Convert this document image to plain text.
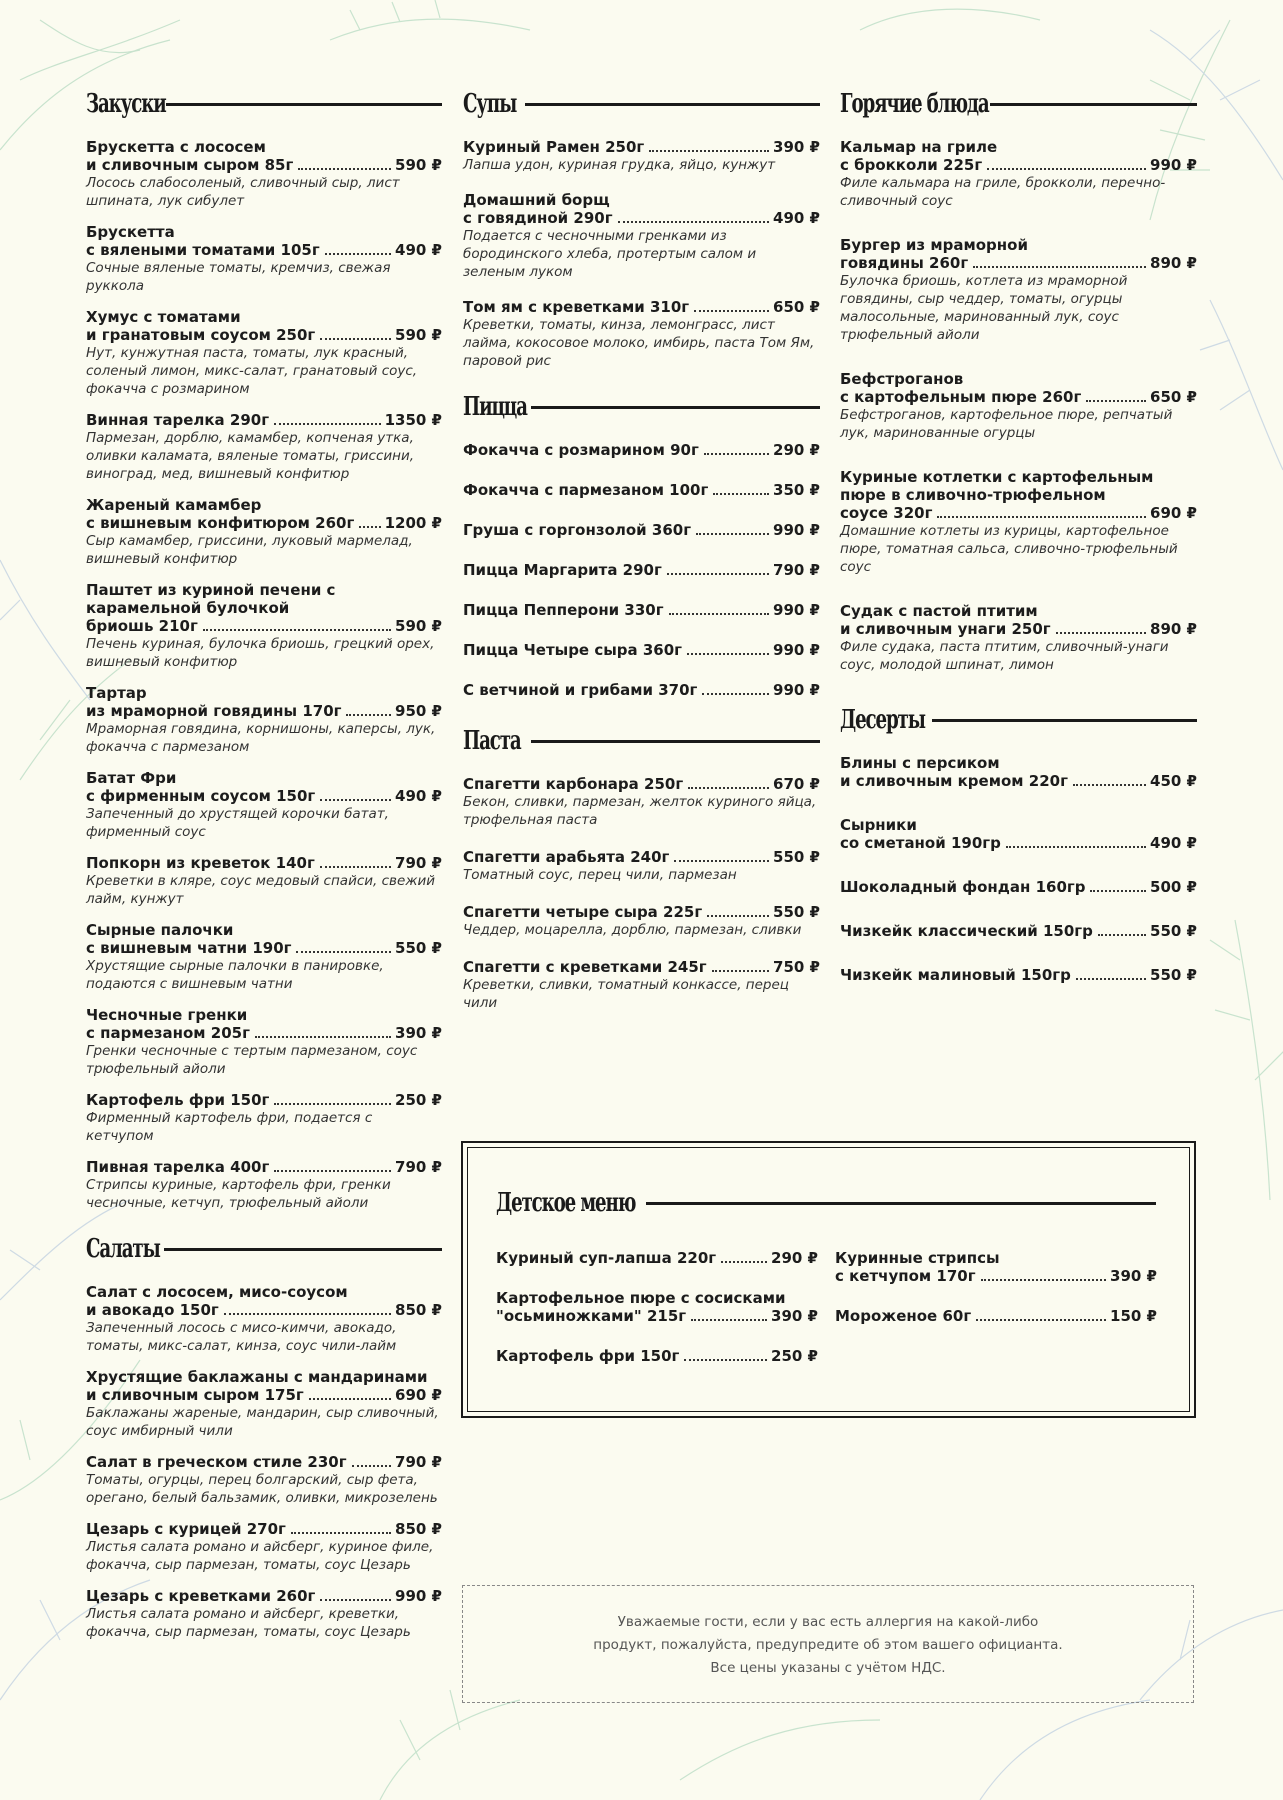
Закуски
Брускетта с лососем
и сливочным сыром 85г	590 ₽
Лосось слабосоленый, сливочный сыр, лист шпината, лук сибулет
Брускетта
с вялеными томатами 105г	490 ₽
Сочные вяленые томаты, кремчиз, свежая руккола
Хумус с томатами
и гранатовым соусом 250г	590 ₽
Нут, кунжутная паста, томаты, лук красный, соленый лимон, микс-салат, гранатовый соус, фокачча с розмарином
Винная тарелка 290г	1350 ₽
Пармезан, дорблю, камамбер, копченая утка, оливки каламата, вяленые томаты, гриссини, виноград, мед, вишневый конфитюр
Жареный камамбер
с вишневым конфитюром 260г 1200 ₽
Сыр камамбер, гриссини, луковый мармелад, вишневый конфитюр
Паштет из куриной печени с карамельной булочкой
бриошь 210г	590 ₽
Печень куриная, булочка бриошь, грецкий орех, вишневый конфитюр
Тартар
из мраморной говядины 170г	950 ₽
Мраморная говядина, корнишоны, каперсы, лук, фокачча с пармезаном
Батат Фри
с фирменным соусом 150г	490 ₽
Запеченный до хрустящей корочки батат, фирменный соус
Попкорн из креветок 140г	790 ₽
Креветки в кляре, соус медовый спайси, свежий лайм, кунжут
Сырные палочки
с вишневым чатни 190г	550 ₽
Хрустящие сырные палочки в панировке, подаются с вишневым чатни
Чесночные гренки
с пармезаном 205г	390 ₽
Гренки чесночные с тертым пармезаном, соус трюфельный айоли
Картофель фри 150г	250 ₽
Фирменный картофель фри, подается с кетчупом
Пивная тарелка 400г	790 ₽
Стрипсы куриные, картофель фри, гренки чесночные, кетчуп, трюфельный айоли
Салаты
Салат с лососем, мисо-соусом
и авокадо 150г	850 ₽
Запеченный лосось с мисо-кимчи, авокадо, томаты, микс-салат, кинза, соус чили-лайм
Хрустящие баклажаны с мандаринами
и сливочным сыром 175г	690 ₽
Баклажаны жареные, мандарин, сыр сливочный, соус имбирный чили
Салат в греческом стиле 230г	790 ₽
Томаты, огурцы, перец болгарский, сыр фета, орегано, белый бальзамик, оливки, микрозелень
Цезарь с курицей 270г	850 ₽
Листья салата романо и айсберг, куриное филе, фокачча, сыр пармезан, томаты, соус Цезарь
Цезарь с креветками 260г	990 ₽
Листья салата романо и айсберг, креветки, фокачча, сыр пармезан, томаты, соус Цезарь
Супы
Куриный Рамен 250г	390 ₽
Лапша удон, куриная грудка, яйцо, кунжут
Домашний борщ
с говядиной 290г	490 ₽
Подается с чесночными гренками из бородинского хлеба, протертым салом и зеленым луком
Том ям с креветками 310г	650 ₽
Креветки, томаты, кинза, лемонграсс, лист лайма, кокосовое молоко, имбирь, паста Том Ям, паровой рис
Пицца
Фокачча с розмарином 90г	290 ₽
Фокачча с пармезаном 100г	350 ₽
Груша с горгонзолой 360г	990 ₽
Пицца Маргарита 290г	790 ₽
Пицца Пепперони 330г	990 ₽
Пицца Четыре сыра 360г	990 ₽
С ветчиной и грибами 370г	990 ₽
Паста
Спагетти карбонара 250г	670 ₽
Бекон, сливки, пармезан, желток куриного яйца, трюфельная паста
Спагетти арабьята 240г	550 ₽
Томатный соус, перец чили, пармезан
Спагетти четыре сыра 225г	550 ₽
Чеддер, моцарелла, дорблю, пармезан, сливки
Спагетти с креветками 245г	750 ₽
Креветки, сливки, томатный конкассе, перец чили
Горячие блюда
Кальмар на гриле
с брокколи 225г	990 ₽
Филе кальмара на гриле, брокколи, перечно-сливочный соус
Бургер из мраморной
говядины 260г	890 ₽
Булочка бриошь, котлета из мраморной говядины, сыр чеддер, томаты, огурцы малосольные, маринованный лук, соус трюфельный айоли
Бефстроганов
с картофельным пюре 260г	650 ₽
Бефстроганов, картофельное пюре, репчатый лук, маринованные огурцы
Куриные котлетки с картофельным пюре в сливочно-трюфельном
соусе 320г	690 ₽
Домашние котлеты из курицы, картофельное пюре, томатная сальса, сливочно-трюфельный соус
Судак с пастой птитим
и сливочным унаги 250г	890 ₽
Филе судака, паста птитим, сливочный-унаги соус, молодой шпинат, лимон
Десерты
Блины с персиком
и сливочным кремом 220г	450 ₽
Сырники
со сметаной 190гр	490 ₽
Шоколадный фондан 160гр	500 ₽
Чизкейк классический 150гр	550 ₽
Чизкейк малиновый 150гр	550 ₽
Детское меню
Куриный суп-лапша 220г	290 ₽
Картофельное пюре с сосисками
"осьминожками" 215г	390 ₽
Картофель фри 150г	250 ₽
Куринные стрипсы
с кетчупом 170г	390 ₽
Мороженое 60г	150 ₽
Уважаемые гости, если у вас есть аллергия на какой-либо
продукт, пожалуйста, предупредите об этом вашего официанта.
Все цены указаны с учётом НДС.
